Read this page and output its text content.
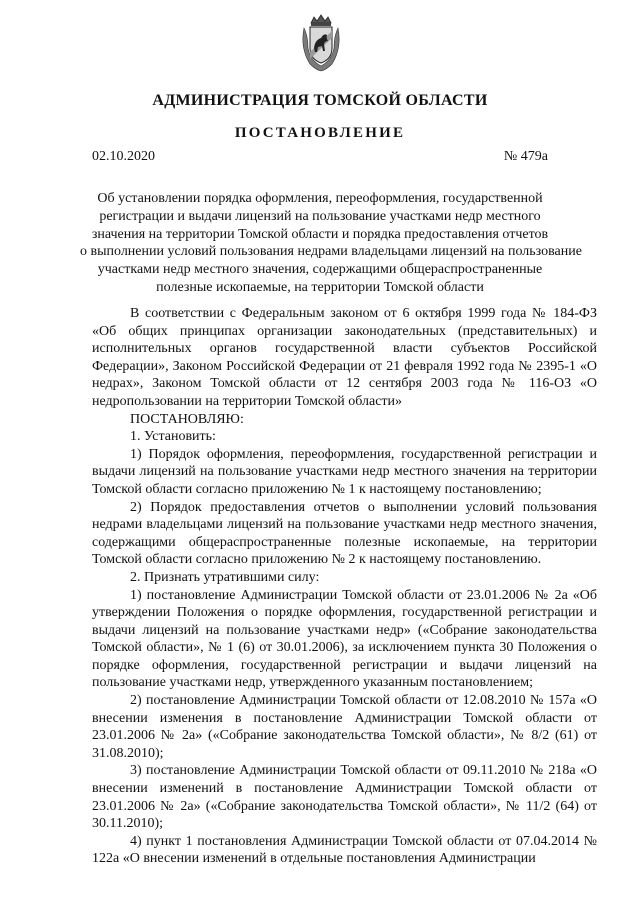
АДМИНИСТРАЦИЯ ТОМСКОЙ ОБЛАСТИ
ПОСТАНОВЛЕНИЕ
02.10.2020	№ 479а
Об установлении порядка оформления, переоформления, государственной
регистрации и выдачи лицензий на пользование участками недр местного
значения на территории Томской области и порядка предоставления отчетов
о выполнении условий пользования недрами владельцами лицензий на пользование
участками недр местного значения, содержащими общераспространенные
полезные ископаемые, на территории Томской области

В соответствии с Федеральным законом от 6 октября 1999 года № 184-ФЗ «Об общих принципах организации законодательных (представительных) и исполнительных органов государственной власти субъектов Российской Федерации», Законом Российской Федерации от 21 февраля 1992 года № 2395-1 «О недрах», Законом Томской области от 12 сентября 2003 года № 116-ОЗ «О недропользовании на территории Томской области»

ПОСТАНОВЛЯЮ:

1. Установить:

1) Порядок оформления, переоформления, государственной регистрации и выдачи лицензий на пользование участками недр местного значения на территории Томской области согласно приложению № 1 к настоящему постановлению;

2) Порядок предоставления отчетов о выполнении условий пользования недрами владельцами лицензий на пользование участками недр местного значения, содержащими общераспространенные полезные ископаемые, на территории Томской области согласно приложению № 2 к настоящему постановлению.

2. Признать утратившими силу:

1) постановление Администрации Томской области от 23.01.2006 № 2а «Об утверждении Положения о порядке оформления, государственной регистрации и выдачи лицензий на пользование участками недр» («Собрание законодательства Томской области», № 1 (6) от 30.01.2006), за исключением пункта 30 Положения о порядке оформления, государственной регистрации и выдачи лицензий на пользование участками недр, утвержденного указанным постановлением;

2) постановление Администрации Томской области от 12.08.2010 № 157а «О внесении изменения в постановление Администрации Томской области от 23.01.2006 № 2а» («Собрание законодательства Томской области», № 8/2 (61) от 31.08.2010);

3) постановление Администрации Томской области от 09.11.2010 № 218а «О внесении изменений в постановление Администрации Томской области от 23.01.2006 № 2а» («Собрание законодательства Томской области», № 11/2 (64) от 30.11.2010);

4) пункт 1 постановления Администрации Томской области от 07.04.2014 № 122а «О внесении изменений в отдельные постановления Администрации
